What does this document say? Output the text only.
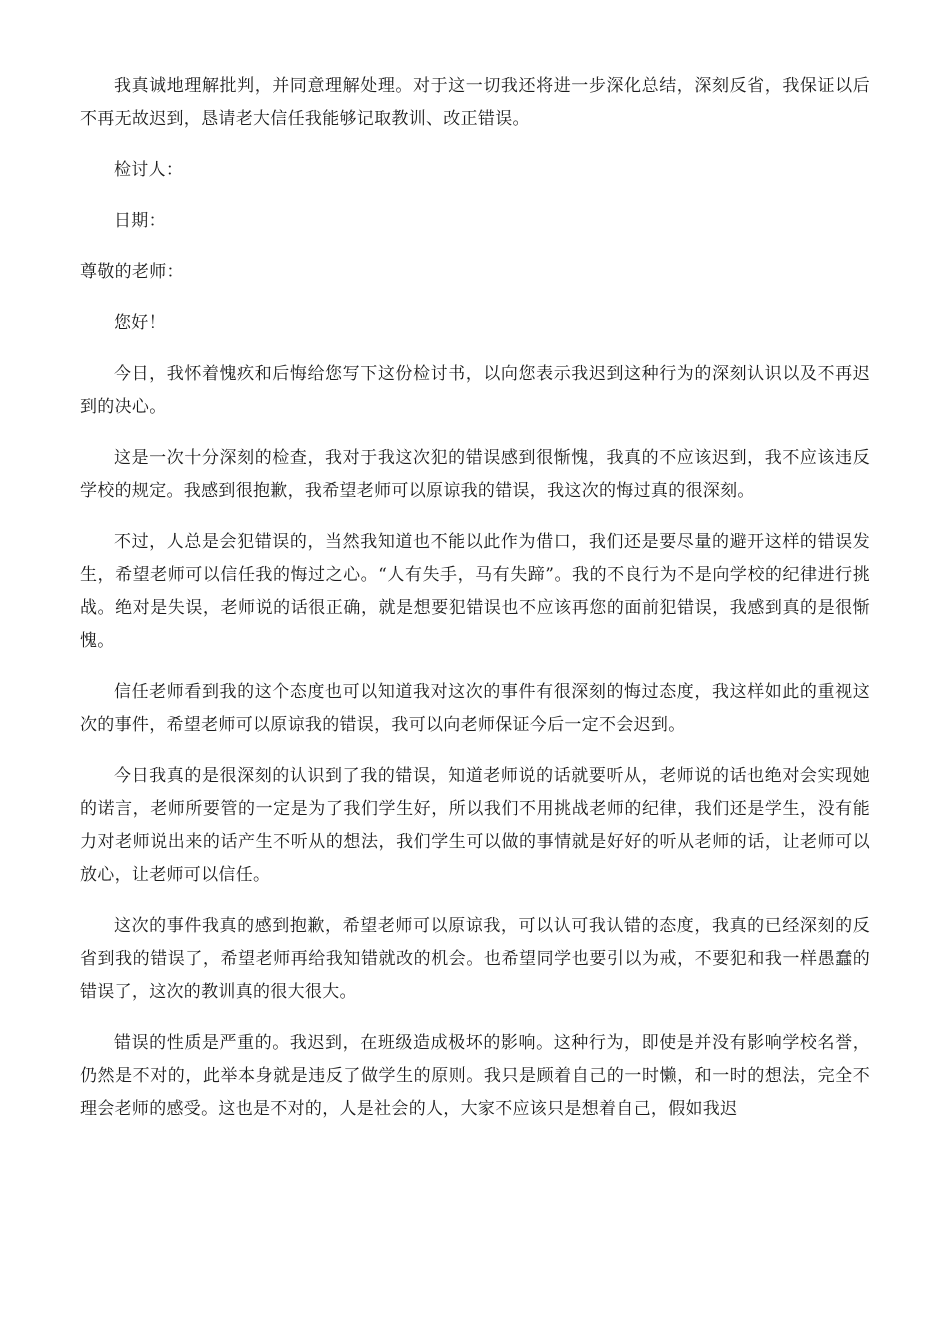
我真诚地理解批判，并同意理解处理。对于这一切我还将进一步深化总结，深刻反省，我保证以后不再无故迟到，恳请老大信任我能够记取教训、改正错误。

检讨人：

日期：

尊敬的老师：

您好！

今日，我怀着愧疚和后悔给您写下这份检讨书，以向您表示我迟到这种行为的深刻认识以及不再迟到的决心。

这是一次十分深刻的检查，我对于我这次犯的错误感到很惭愧，我真的不应该迟到，我不应该违反学校的规定。我感到很抱歉，我希望老师可以原谅我的错误，我这次的悔过真的很深刻。

不过，人总是会犯错误的，当然我知道也不能以此作为借口，我们还是要尽量的避开这样的错误发生，希望老师可以信任我的悔过之心。“人有失手，马有失蹄”。我的不良行为不是向学校的纪律进行挑战。绝对是失误，老师说的话很正确，就是想要犯错误也不应该再您的面前犯错误，我感到真的是很惭愧。

信任老师看到我的这个态度也可以知道我对这次的事件有很深刻的悔过态度，我这样如此的重视这次的事件，希望老师可以原谅我的错误，我可以向老师保证今后一定不会迟到。

今日我真的是很深刻的认识到了我的错误，知道老师说的话就要听从，老师说的话也绝对会实现她的诺言，老师所要管的一定是为了我们学生好，所以我们不用挑战老师的纪律，我们还是学生，没有能力对老师说出来的话产生不听从的想法，我们学生可以做的事情就是好好的听从老师的话，让老师可以放心，让老师可以信任。

这次的事件我真的感到抱歉，希望老师可以原谅我，可以认可我认错的态度，我真的已经深刻的反省到我的错误了，希望老师再给我知错就改的机会。也希望同学也要引以为戒，不要犯和我一样愚蠢的错误了，这次的教训真的很大很大。

错误的性质是严重的。我迟到，在班级造成极坏的影响。这种行为，即使是并没有影响学校名誉，仍然是不对的，此举本身就是违反了做学生的原则。我只是顾着自己的一时懒，和一时的想法，完全不理会老师的感受。这也是不对的，人是社会的人，大家不应该只是想着自己，假如我迟
